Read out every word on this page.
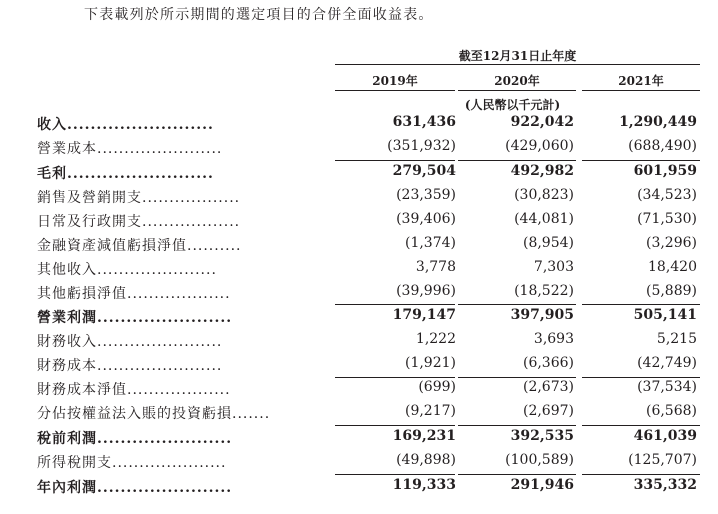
下表載列於所示期間的選定項目的合併全面收益表。
截至12月31日止年度
2019年	2020年	2021年
(人民幣以千元計)
收入.........................	631,436	922,042	1,290,449
營業成本.......................	(351,932)	(429,060)	(688,490)
毛利.........................	279,504	492,982	601,959
銷售及營銷開支..................	(23,359)	(30,823)	(34,523)
日常及行政開支..................	(39,406)	(44,081)	(71,530)
金融資產減值虧損淨值..........	(1,374)	(8,954)	(3,296)
其他收入......................	3,778	7,303	18,420
其他虧損淨值...................	(39,996)	(18,522)	(5,889)
營業利潤.......................	179,147	397,905	505,141
財務收入.......................	1,222	3,693	5,215
財務成本.......................	(1,921)	(6,366)	(42,749)
財務成本淨值...................	(699)	(2,673)	(37,534)
分佔按權益法入賬的投資虧損.......	(9,217)	(2,697)	(6,568)
稅前利潤.......................	169,231	392,535	461,039
所得稅開支.....................	(49,898)	(100,589)	(125,707)
年內利潤.......................	119,333	291,946	335,332
